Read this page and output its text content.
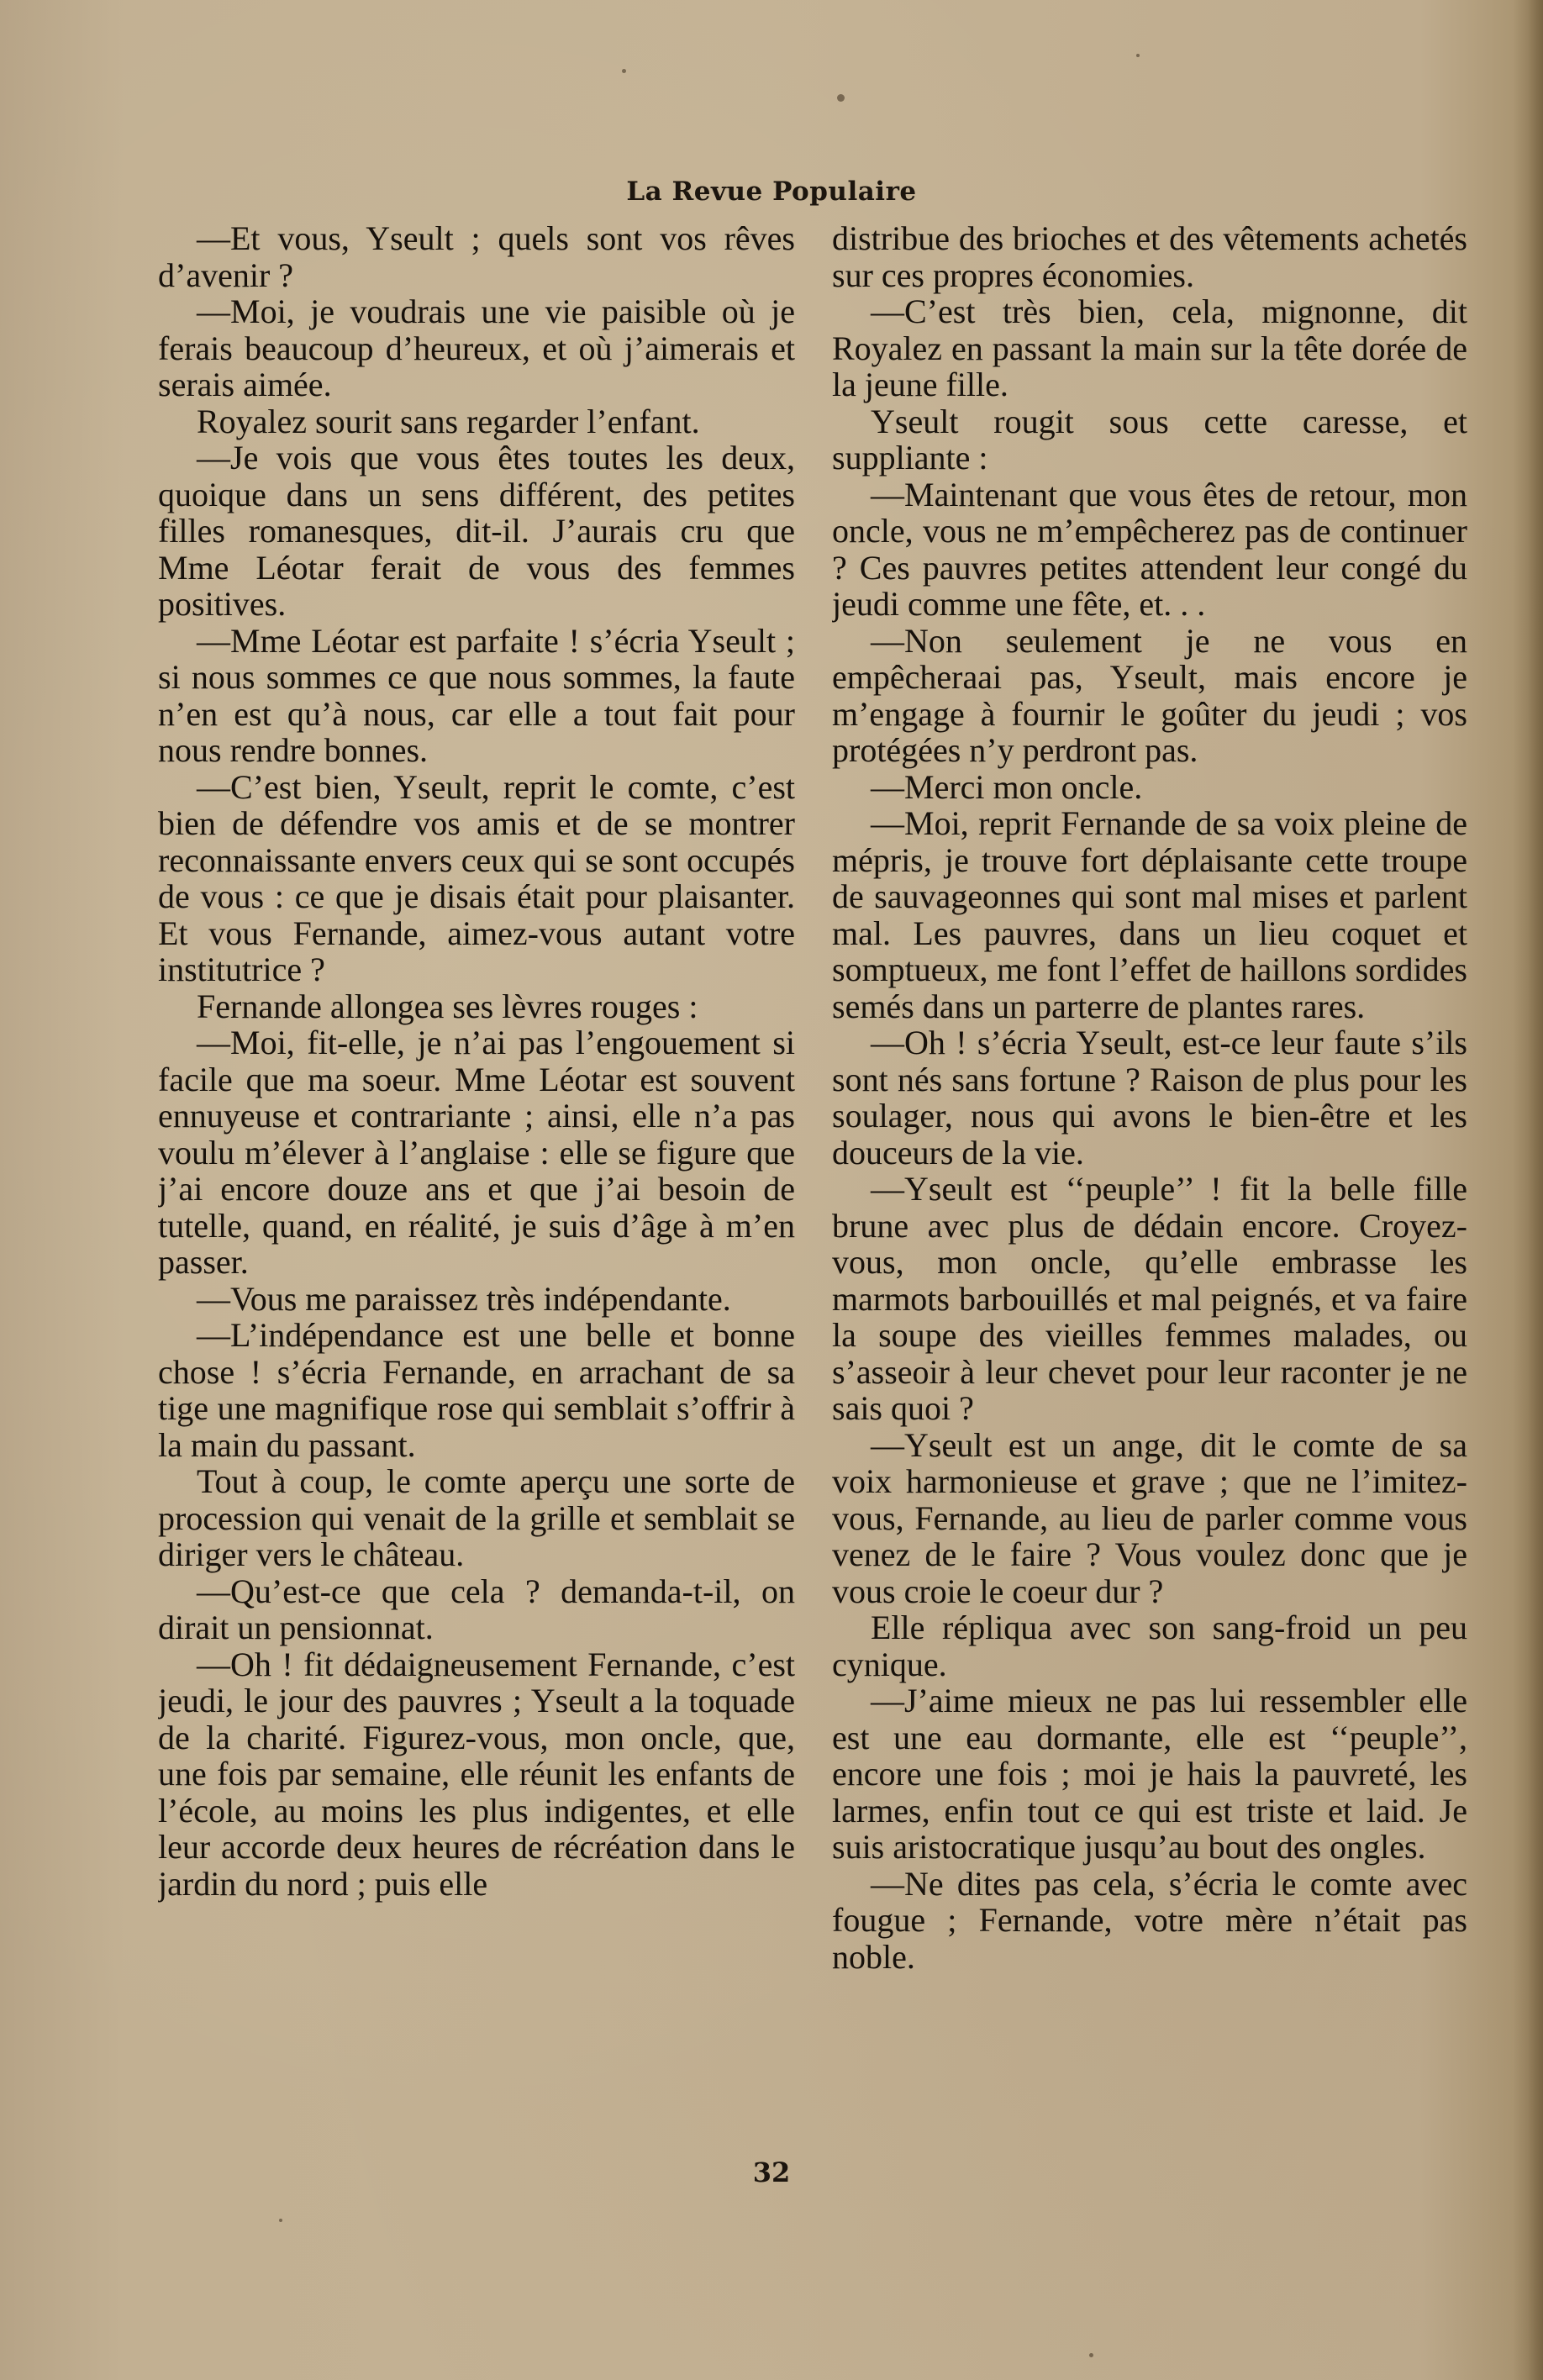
La Revue Populaire

—Et vous, Yseult ; quels sont vos rêves d’avenir ?

—Moi, je voudrais une vie paisible où je ferais beaucoup d’heureux, et où j’aimerais et serais aimée.

Royalez sourit sans regarder l’enfant.

—Je vois que vous êtes toutes les deux, quoique dans un sens différent, des petites filles romanesques, dit-il. J’aurais cru que Mme Léotar ferait de vous des femmes positives.

—Mme Léotar est parfaite ! s’écria Yseult ; si nous sommes ce que nous sommes, la faute n’en est qu’à nous, car elle a tout fait pour nous rendre bonnes.

—C’est bien, Yseult, reprit le comte, c’est bien de défendre vos amis et de se montrer reconnaissante envers ceux qui se sont occupés de vous : ce que je disais était pour plaisanter. Et vous Fernande, aimez-vous autant votre institutrice ?

Fernande allongea ses lèvres rouges :

—Moi, fit-elle, je n’ai pas l’engouement si facile que ma soeur. Mme Léotar est souvent ennuyeuse et contrariante ; ainsi, elle n’a pas voulu m’élever à l’anglaise : elle se figure que j’ai encore douze ans et que j’ai besoin de tutelle, quand, en réalité, je suis d’âge à m’en passer.

—Vous me paraissez très indépendante.

—L’indépendance est une belle et bonne chose ! s’écria Fernande, en arrachant de sa tige une magnifique rose qui semblait s’offrir à la main du passant.

Tout à coup, le comte aperçu une sorte de procession qui venait de la grille et semblait se diriger vers le château.

—Qu’est-ce que cela ? demanda-t-il, on dirait un pensionnat.

—Oh ! fit dédaigneusement Fernande, c’est jeudi, le jour des pauvres ; Yseult a la toquade de la charité. Figurez-vous, mon oncle, que, une fois par semaine, elle réunit les enfants de l’école, au moins les plus indigentes, et elle leur accorde deux heures de récréation dans le jardin du nord ; puis elle

distribue des brioches et des vêtements achetés sur ces propres économies.

—C’est très bien, cela, mignonne, dit Royalez en passant la main sur la tête dorée de la jeune fille.

Yseult rougit sous cette caresse, et suppliante :

—Maintenant que vous êtes de retour, mon oncle, vous ne m’empêcherez pas de continuer ? Ces pauvres petites attendent leur congé du jeudi comme une fête, et. . .

—Non seulement je ne vous en empêcheraai pas, Yseult, mais encore je m’engage à fournir le goûter du jeudi ; vos protégées n’y perdront pas.

—Merci mon oncle.

—Moi, reprit Fernande de sa voix pleine de mépris, je trouve fort déplaisante cette troupe de sauvageonnes qui sont mal mises et parlent mal. Les pauvres, dans un lieu coquet et somptueux, me font l’effet de haillons sordides semés dans un parterre de plantes rares.

—Oh ! s’écria Yseult, est-ce leur faute s’ils sont nés sans fortune ? Raison de plus pour les soulager, nous qui avons le bien-être et les douceurs de la vie.

—Yseult est ‘‘peuple’’ ! fit la belle fille brune avec plus de dédain encore. Croyez-vous, mon oncle, qu’elle embrasse les marmots barbouillés et mal peignés, et va faire la soupe des vieilles femmes malades, ou s’asseoir à leur chevet pour leur raconter je ne sais quoi ?

—Yseult est un ange, dit le comte de sa voix harmonieuse et grave ; que ne l’imitez-vous, Fernande, au lieu de parler comme vous venez de le faire ? Vous voulez donc que je vous croie le coeur dur ?

Elle répliqua avec son sang-froid un peu cynique.

—J’aime mieux ne pas lui ressembler elle est une eau dormante, elle est ‘‘peuple’’, encore une fois ; moi je hais la pauvreté, les larmes, enfin tout ce qui est triste et laid. Je suis aristocratique jusqu’au bout des ongles.

—Ne dites pas cela, s’écria le comte avec fougue ; Fernande, votre mère n’était pas noble.

32
